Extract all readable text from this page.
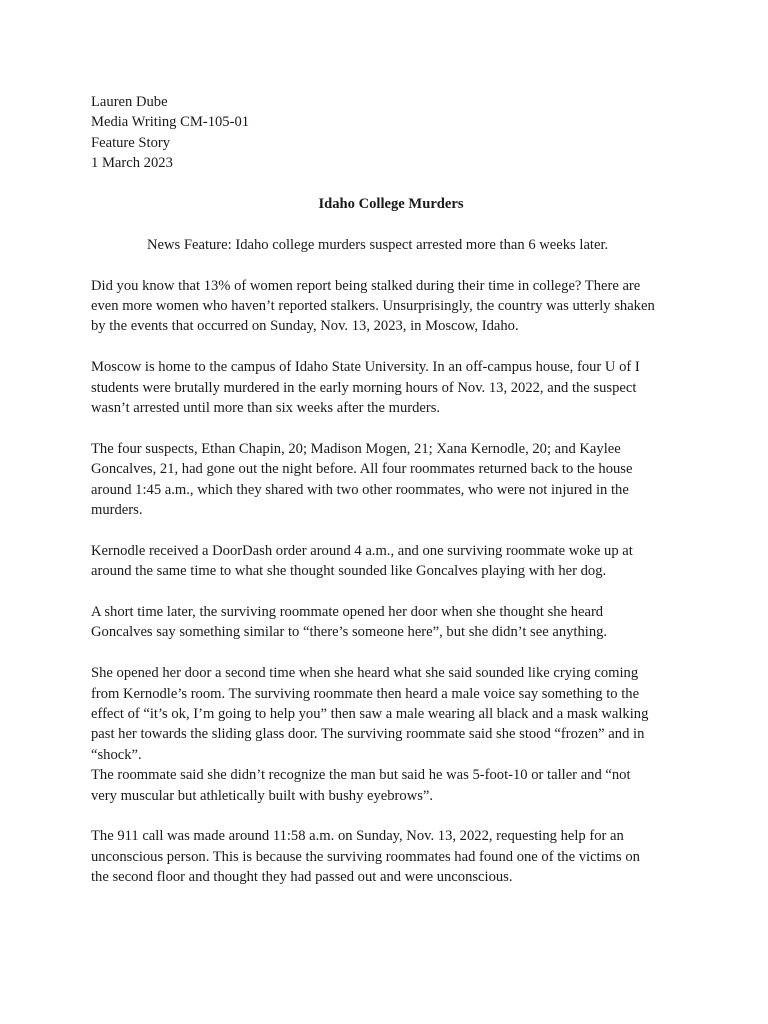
Lauren Dube
Media Writing CM-105-01
Feature Story
1 March 2023
Idaho College Murders
News Feature: Idaho college murders suspect arrested more than 6 weeks later.
Did you know that 13% of women report being stalked during their time in college? There are
even more women who haven’t reported stalkers. Unsurprisingly, the country was utterly shaken
by the events that occurred on Sunday, Nov. 13, 2023, in Moscow, Idaho.
Moscow is home to the campus of Idaho State University. In an off-campus house, four U of I
students were brutally murdered in the early morning hours of Nov. 13, 2022, and the suspect
wasn’t arrested until more than six weeks after the murders.
The four suspects, Ethan Chapin, 20; Madison Mogen, 21; Xana Kernodle, 20; and Kaylee
Goncalves, 21, had gone out the night before. All four roommates returned back to the house
around 1:45 a.m., which they shared with two other roommates, who were not injured in the
murders.
Kernodle received a DoorDash order around 4 a.m., and one surviving roommate woke up at
around the same time to what she thought sounded like Goncalves playing with her dog.
A short time later, the surviving roommate opened her door when she thought she heard
Goncalves say something similar to “there’s someone here”, but she didn’t see anything.
She opened her door a second time when she heard what she said sounded like crying coming
from Kernodle’s room. The surviving roommate then heard a male voice say something to the
effect of “it’s ok, I’m going to help you” then saw a male wearing all black and a mask walking
past her towards the sliding glass door. The surviving roommate said she stood “frozen” and in
“shock”.
The roommate said she didn’t recognize the man but said he was 5-foot-10 or taller and “not
very muscular but athletically built with bushy eyebrows”.
The 911 call was made around 11:58 a.m. on Sunday, Nov. 13, 2022, requesting help for an
unconscious person. This is because the surviving roommates had found one of the victims on
the second floor and thought they had passed out and were unconscious.
